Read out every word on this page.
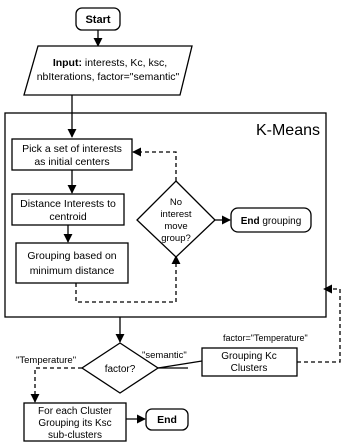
Start
Input: interests, Kc, ksc,
nbIterations, factor="semantic"
K-Means
Pick a set of interests
as initial centers
Distance Interests to
centroid
Grouping based on
minimum distance
No
interest
move
group?
End grouping
factor?
"Temperature"	"semantic"	Grouping Kc
Clusters
factor="Temperature"
For each Cluster
Grouping its Ksc
sub-clusters
End
